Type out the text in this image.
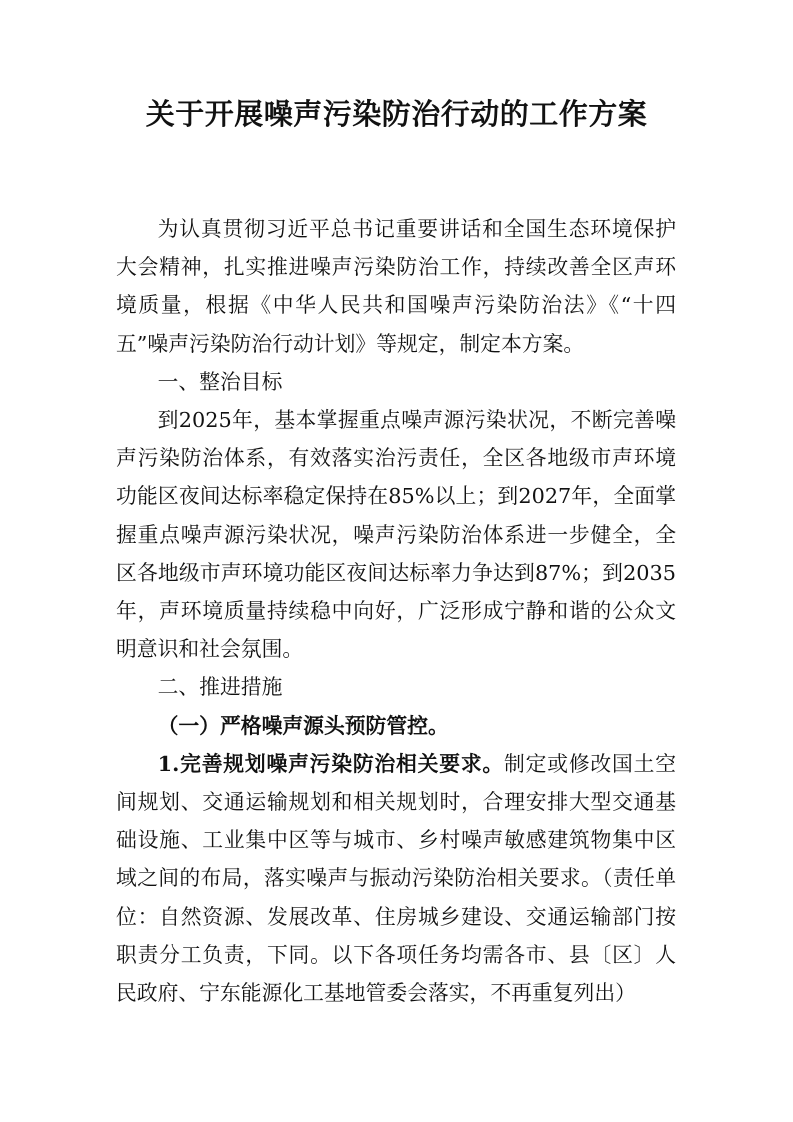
关于开展噪声污染防治行动的工作方案

为认真贯彻习近平总书记重要讲话和全国生态环境保护大会精神，扎实推进噪声污染防治工作，持续改善全区声环境质量，根据《中华人民共和国噪声污染防治法》《“十四五”噪声污染防治行动计划》等规定，制定本方案。

一、整治目标

到2025年，基本掌握重点噪声源污染状况，不断完善噪声污染防治体系，有效落实治污责任，全区各地级市声环境功能区夜间达标率稳定保持在85%以上；到2027年，全面掌握重点噪声源污染状况，噪声污染防治体系进一步健全，全区各地级市声环境功能区夜间达标率力争达到87%；到2035年，声环境质量持续稳中向好，广泛形成宁静和谐的公众文明意识和社会氛围。

二、推进措施

（一）严格噪声源头预防管控。

1.完善规划噪声污染防治相关要求。制定或修改国土空间规划、交通运输规划和相关规划时，合理安排大型交通基础设施、工业集中区等与城市、乡村噪声敏感建筑物集中区域之间的布局，落实噪声与振动污染防治相关要求。（责任单位：自然资源、发展改革、住房城乡建设、交通运输部门按职责分工负责，下同。以下各项任务均需各市、县〔区〕人民政府、宁东能源化工基地管委会落实，不再重复列出）
